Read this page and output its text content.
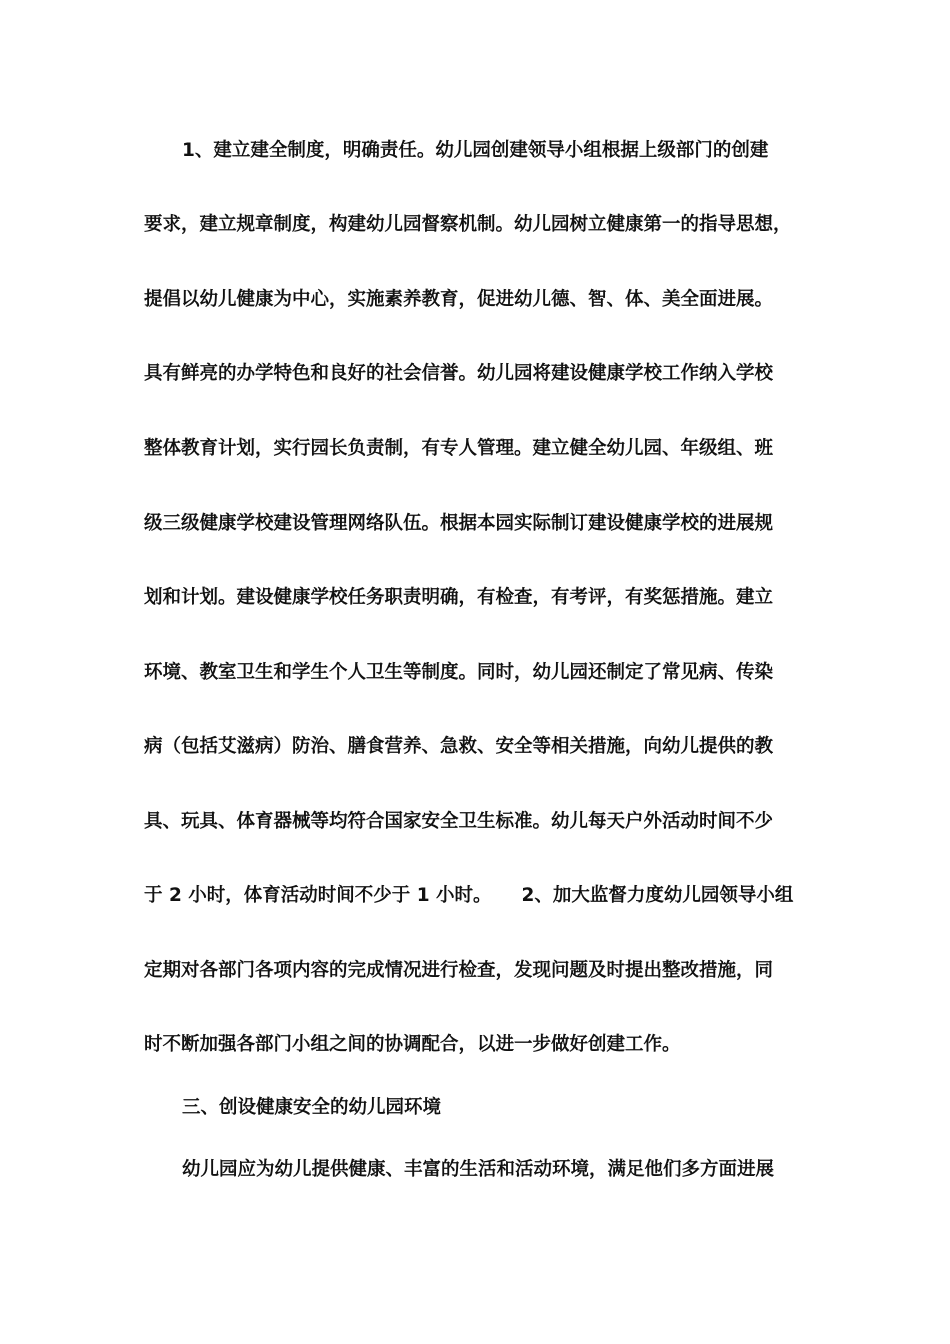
1、建立建全制度，明确责任。幼儿园创建领导小组根据上级部门的创建
要求，建立规章制度，构建幼儿园督察机制。幼儿园树立健康第一的指导思想，
提倡以幼儿健康为中心，实施素养教育，促进幼儿德、智、体、美全面进展。
具有鲜亮的办学特色和良好的社会信誉。幼儿园将建设健康学校工作纳入学校
整体教育计划，实行园长负责制，有专人管理。建立健全幼儿园、年级组、班
级三级健康学校建设管理网络队伍。根据本园实际制订建设健康学校的进展规
划和计划。建设健康学校任务职责明确，有检查，有考评，有奖惩措施。建立
环境、教室卫生和学生个人卫生等制度。同时，幼儿园还制定了常见病、传染
病（包括艾滋病）防治、膳食营养、急救、安全等相关措施，向幼儿提供的教
具、玩具、体育器械等均符合国家安全卫生标准。幼儿每天户外活动时间不少
于 2 小时，体育活动时间不少于 1 小时。 2、加大监督力度幼儿园领导小组
定期对各部门各项内容的完成情况进行检查，发现问题及时提出整改措施，同
时不断加强各部门小组之间的协调配合，以进一步做好创建工作。
三、创设健康安全的幼儿园环境
幼儿园应为幼儿提供健康、丰富的生活和活动环境，满足他们多方面进展
